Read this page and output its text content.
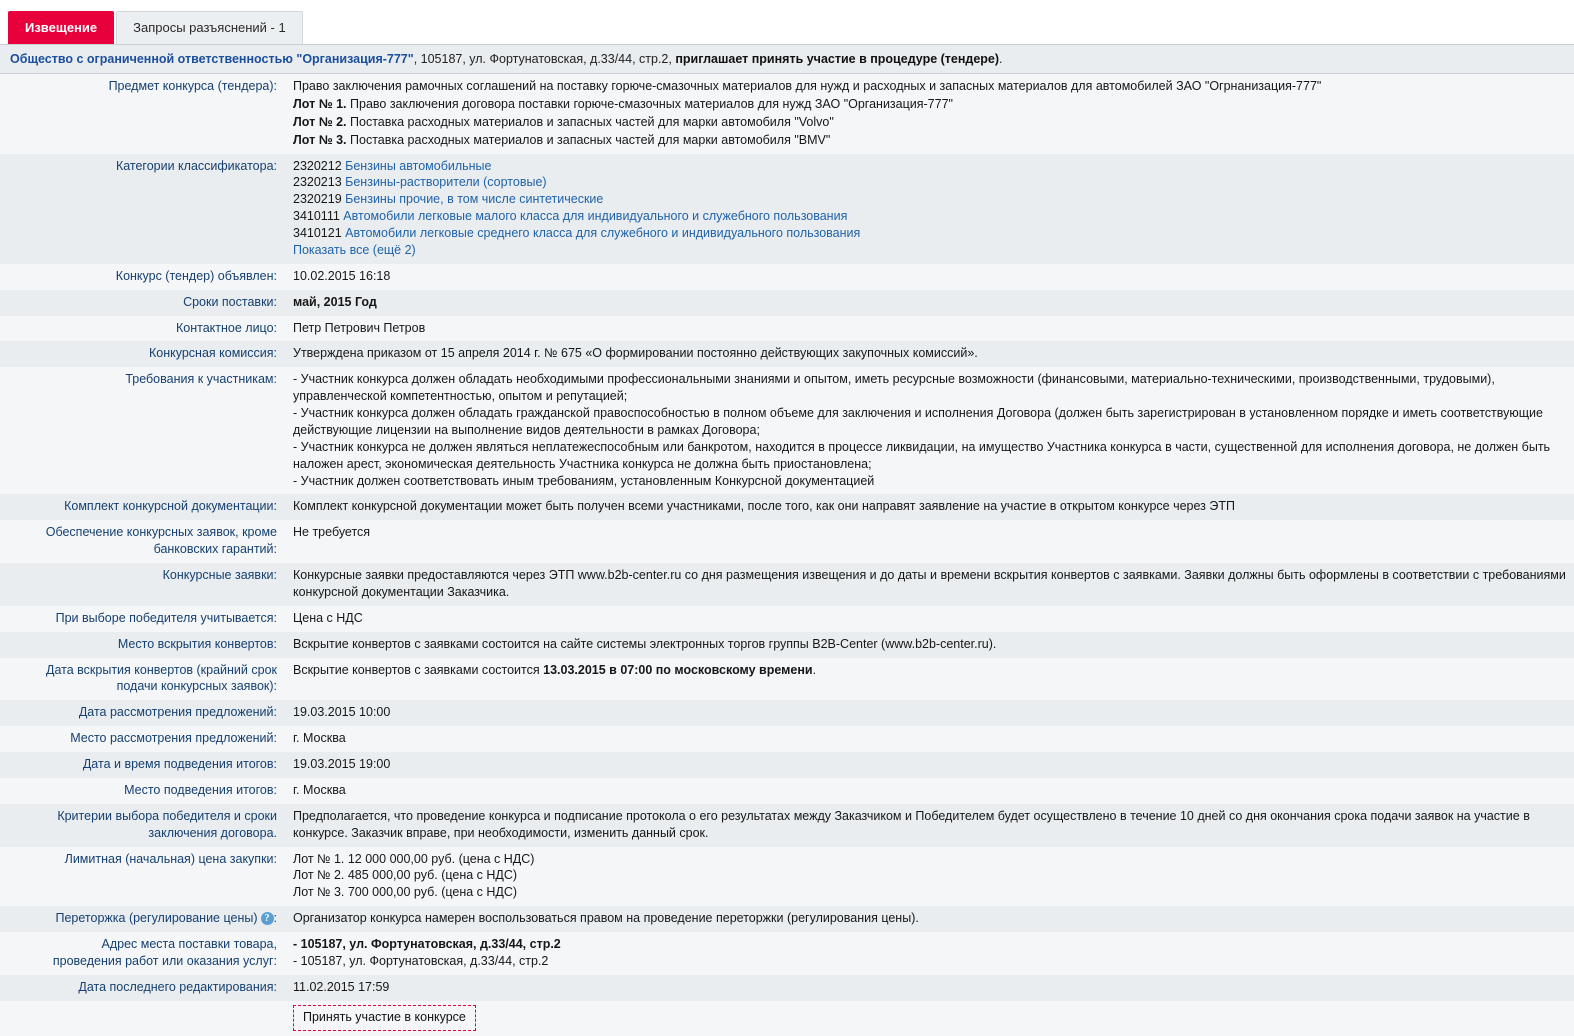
Извещение	Запросы разъяснений - 1
Общество с ограниченной ответственностью "Организация-777", 105187, ул. Фортунатовская, д.33/44, стр.2, приглашает принять участие в процедуре (тендере).
Предмет конкурса (тендера):	Право заключения рамочных соглашений на поставку горюче-смазочных материалов для нужд и расходных и запасных материалов для автомобилей ЗАО "Огрнанизация-777"
Лот № 1. Право заключения договора поставки горюче-смазочных материалов для нужд ЗАО "Организация-777"
Лот № 2. Поставка расходных материалов и запасных частей для марки автомобиля "Volvo"
Лот № 3. Поставка расходных материалов и запасных частей для марки автомобиля "BMV"

Категории классификатора:	2320212 Бензины автомобильные
2320213 Бензины-растворители (сортовые)
2320219 Бензины прочие, в том числе синтетические
3410111 Автомобили легковые малого класса для индивидуального и служебного пользования
3410121 Автомобили легковые среднего класса для служебного и индивидуального пользования
Показать все (ещё 2)

Конкурс (тендер) объявлен:	10.02.2015 16:18
Сроки поставки:	май, 2015 Год
Контактное лицо:	Петр Петрович Петров
Конкурсная комиссия:	Утверждена приказом от 15 апреля 2014 г. № 675 «О формировании постоянно действующих закупочных комиссий».
Требования к участникам:	- Участник конкурса должен обладать необходимыми профессиональными знаниями и опытом, иметь ресурсные возможности (финансовыми, материально-техническими, производственными, трудовыми), управленческой компетентностью, опытом и репутацией;
- Участник конкурса должен обладать гражданской правоспособностью в полном объеме для заключения и исполнения Договора (должен быть зарегистрирован в установленном порядке и иметь соответствующие действующие лицензии на выполнение видов деятельности в рамках Договора;
- Участник конкурса не должен являться неплатежеспособным или банкротом, находится в процессе ликвидации, на имущество Участника конкурса в части, существенной для исполнения договора, не должен быть наложен арест, экономическая деятельность Участника конкурса не должна быть приостановлена;
- Участник должен соответствовать иным требованиям, установленным Конкурсной документацией

Комплект конкурсной документации:	Комплект конкурсной документации может быть получен всеми участниками, после того, как они направят заявление на участие в открытом конкурсе через ЭТП
Обеспечение конкурсных заявок, кроме банковских гарантий:	Не требуется
Конкурсные заявки:	Конкурсные заявки предоставляются через ЭТП www.b2b-center.ru со дня размещения извещения и до даты и времени вскрытия конвертов с заявками. Заявки должны быть оформлены в соответствии с требованиями конкурсной документации Заказчика.
При выборе победителя учитывается:	Цена с НДС
Место вскрытия конвертов:	Вскрытие конвертов с заявками состоится на сайте системы электронных торгов группы B2B-Center (www.b2b-center.ru).
Дата вскрытия конвертов (крайний срок подачи конкурсных заявок):	Вскрытие конвертов с заявками состоится 13.03.2015 в 07:00 по московскому времени.
Дата рассмотрения предложений:	19.03.2015 10:00
Место рассмотрения предложений:	г. Москва
Дата и время подведения итогов:	19.03.2015 19:00
Место подведения итогов:	г. Москва
Критерии выбора победителя и сроки заключения договора.	Предполагается, что проведение конкурса и подписание протокола о его результатах между Заказчиком и Победителем будет осуществлено в течение 10 дней со дня окончания срока подачи заявок на участие в конкурсе. Заказчик вправе, при необходимости, изменить данный срок.
Лимитная (начальная) цена закупки:	Лот № 1. 12 000 000,00 руб. (цена с НДС)
Лот № 2. 485 000,00 руб. (цена с НДС)
Лот № 3. 700 000,00 руб. (цена с НДС)

Переторжка (регулирование цены) ? :	Организатор конкурса намерен воспользоваться правом на проведение переторжки (регулирования цены).

Адрес места поставки товара,
проведения работ или оказания услуг:

- 105187, ул. Фортунатовская, д.33/44, стр.2
- 105187, ул. Фортунатовская, д.33/44, стр.2

Дата последнего редактирования:	11.02.2015 17:59
	Принять участие в конкурсе
